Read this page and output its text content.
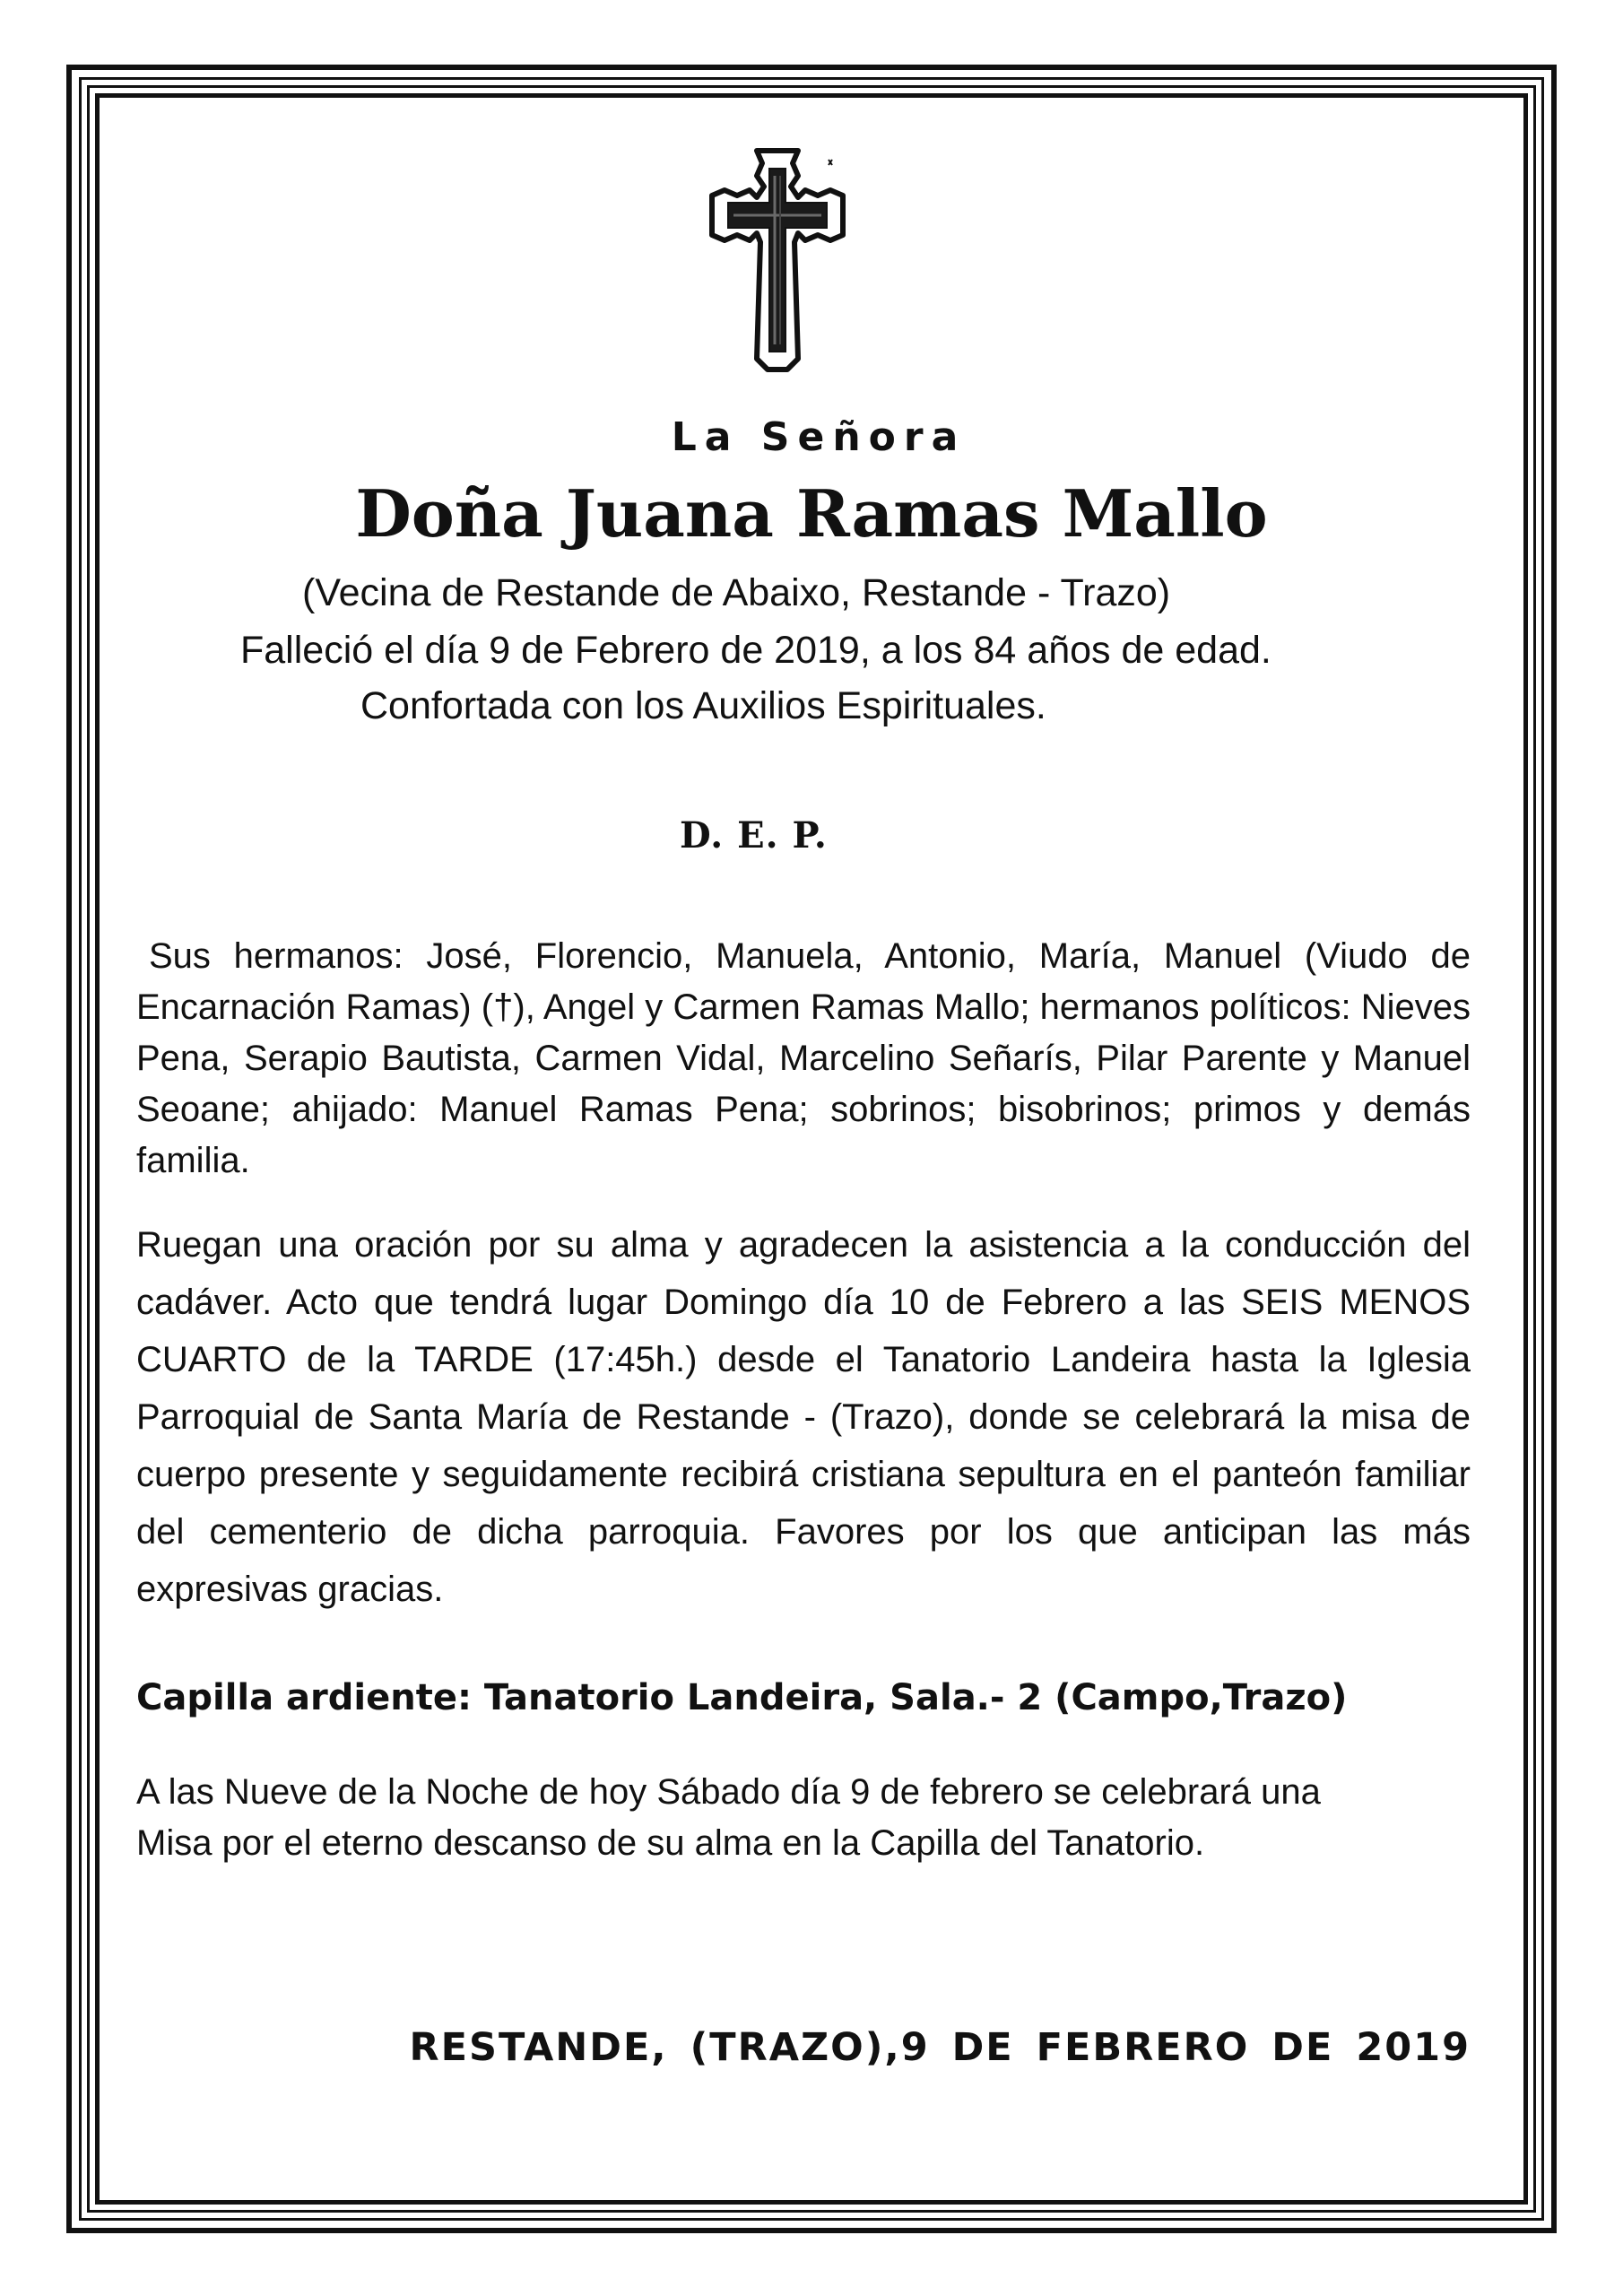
La Señora
Doña Juana Ramas Mallo
(Vecina de Restande de Abaixo, Restande - Trazo)
Falleció el día 9 de Febrero de 2019, a los 84 años de edad.
Confortada con los Auxilios Espirituales.
D. E. P.

Sus hermanos: José, Florencio, Manuela, Antonio, María, Manuel (Viudo de Encarnación Ramas) (†), Angel y Carmen Ramas Mallo; hermanos políticos: Nieves Pena, Serapio Bautista, Carmen Vidal, Marcelino Señarís, Pilar Parente y Manuel Seoane; ahijado: Manuel Ramas Pena; sobrinos; bisobrinos; primos y demás familia.

Ruegan una oración por su alma y agradecen la asistencia a la conducción del cadáver. Acto que tendrá lugar Domingo día 10 de Febrero a las SEIS MENOS CUARTO de la TARDE (17:45h.) desde el Tanatorio Landeira hasta la Iglesia Parroquial de Santa María de Restande - (Trazo), donde se celebrará la misa de cuerpo presente y seguidamente recibirá cristiana sepultura en el panteón familiar del cementerio de dicha parroquia. Favores por los que anticipan las más expresivas gracias.

Capilla ardiente: Tanatorio Landeira, Sala.- 2 (Campo,Trazo)

A las Nueve de la Noche de hoy Sábado día 9 de febrero se celebrará una Misa por el eterno descanso de su alma en la Capilla del Tanatorio.

RESTANDE, (TRAZO),9 DE FEBRERO DE 2019
